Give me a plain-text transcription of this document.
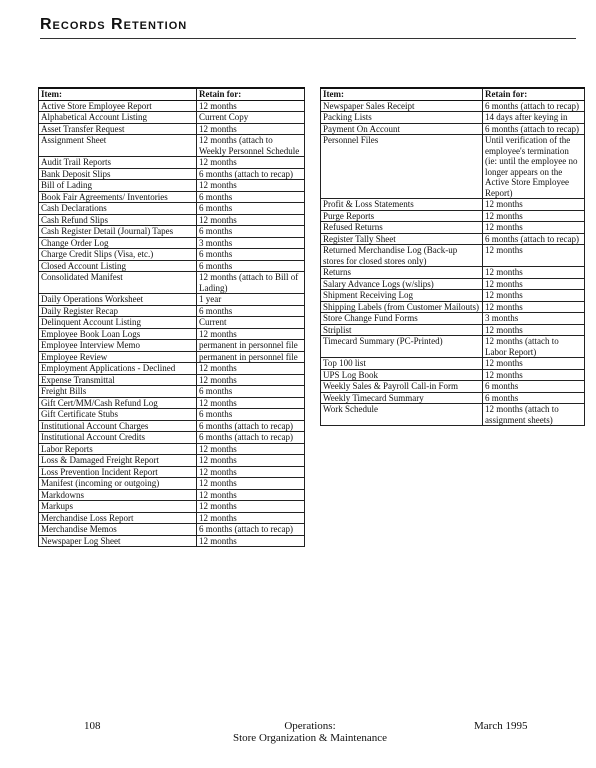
Records Retention
Item:	Retain for:
Active Store Employee Report	12 months
Alphabetical Account Listing	Current Copy
Asset Transfer Request	12 months
Assignment Sheet	12 months (attach to Weekly Personnel Schedule
Audit Trail Reports	12 months
Bank Deposit Slips	6 months (attach to recap)
Bill of Lading	12 months
Book Fair Agreements/ Inventories	6 months
Cash Declarations	6 months
Cash Refund Slips	12 months
Cash Register Detail (Journal) Tapes	6 months
Change Order Log	3 months
Charge Credit Slips (Visa, etc.)	6 months
Closed Account Listing	6 months
Consolidated Manifest	12 months (attach to Bill of Lading)
Daily Operations Worksheet	1 year
Daily Register Recap	6 months
Delinquent Account Listing	Current
Employee Book Loan Logs	12 months
Employee Interview Memo	permanent in personnel file
Employee Review	permanent in personnel file
Employment Applications - Declined	12 months
Expense Transmittal	12 months
Freight Bills	6 months
Gift Cert/MM/Cash Refund Log	12 months
Gift Certificate Stubs	6 months
Institutional Account Charges	6 months (attach to recap)
Institutional Account Credits	6 months (attach to recap)
Labor Reports	12 months
Loss & Damaged Freight Report	12 months
Loss Prevention Incident Report	12 months
Manifest (incoming or outgoing)	12 months
Markdowns	12 months
Markups	12 months
Merchandise Loss Report	12 months
Merchandise Memos	6 months (attach to recap)
Newspaper Log Sheet	12 months
Item:	Retain for:
Newspaper Sales Receipt	6 months (attach to recap)
Packing Lists	14 days after keying in
Payment On Account	6 months (attach to recap)
Personnel Files	Until verification of the employee's termination (ie: until the employee no longer appears on the Active Store Employee Report)
Profit & Loss Statements	12 months
Purge Reports	12 months
Refused Returns	12 months
Register Tally Sheet	6 months (attach to recap)
Returned Merchandise Log (Back-up stores for closed stores only)	12 months
Returns	12 months
Salary Advance Logs (w/slips)	12 months
Shipment Receiving Log	12 months
Shipping Labels (from Customer Mailouts)	12 months
Store Change Fund Forms	3 months
Striplist	12 months
Timecard Summary (PC-Printed)	12 months (attach to Labor Report)
Top 100 list	12 months
UPS Log Book	12 months
Weekly Sales & Payroll Call-in Form	6 months
Weekly Timecard Summary	6 months
Work Schedule	12 months (attach to assignment sheets)
108	Operations:
Store Organization & Maintenance
March 1995
